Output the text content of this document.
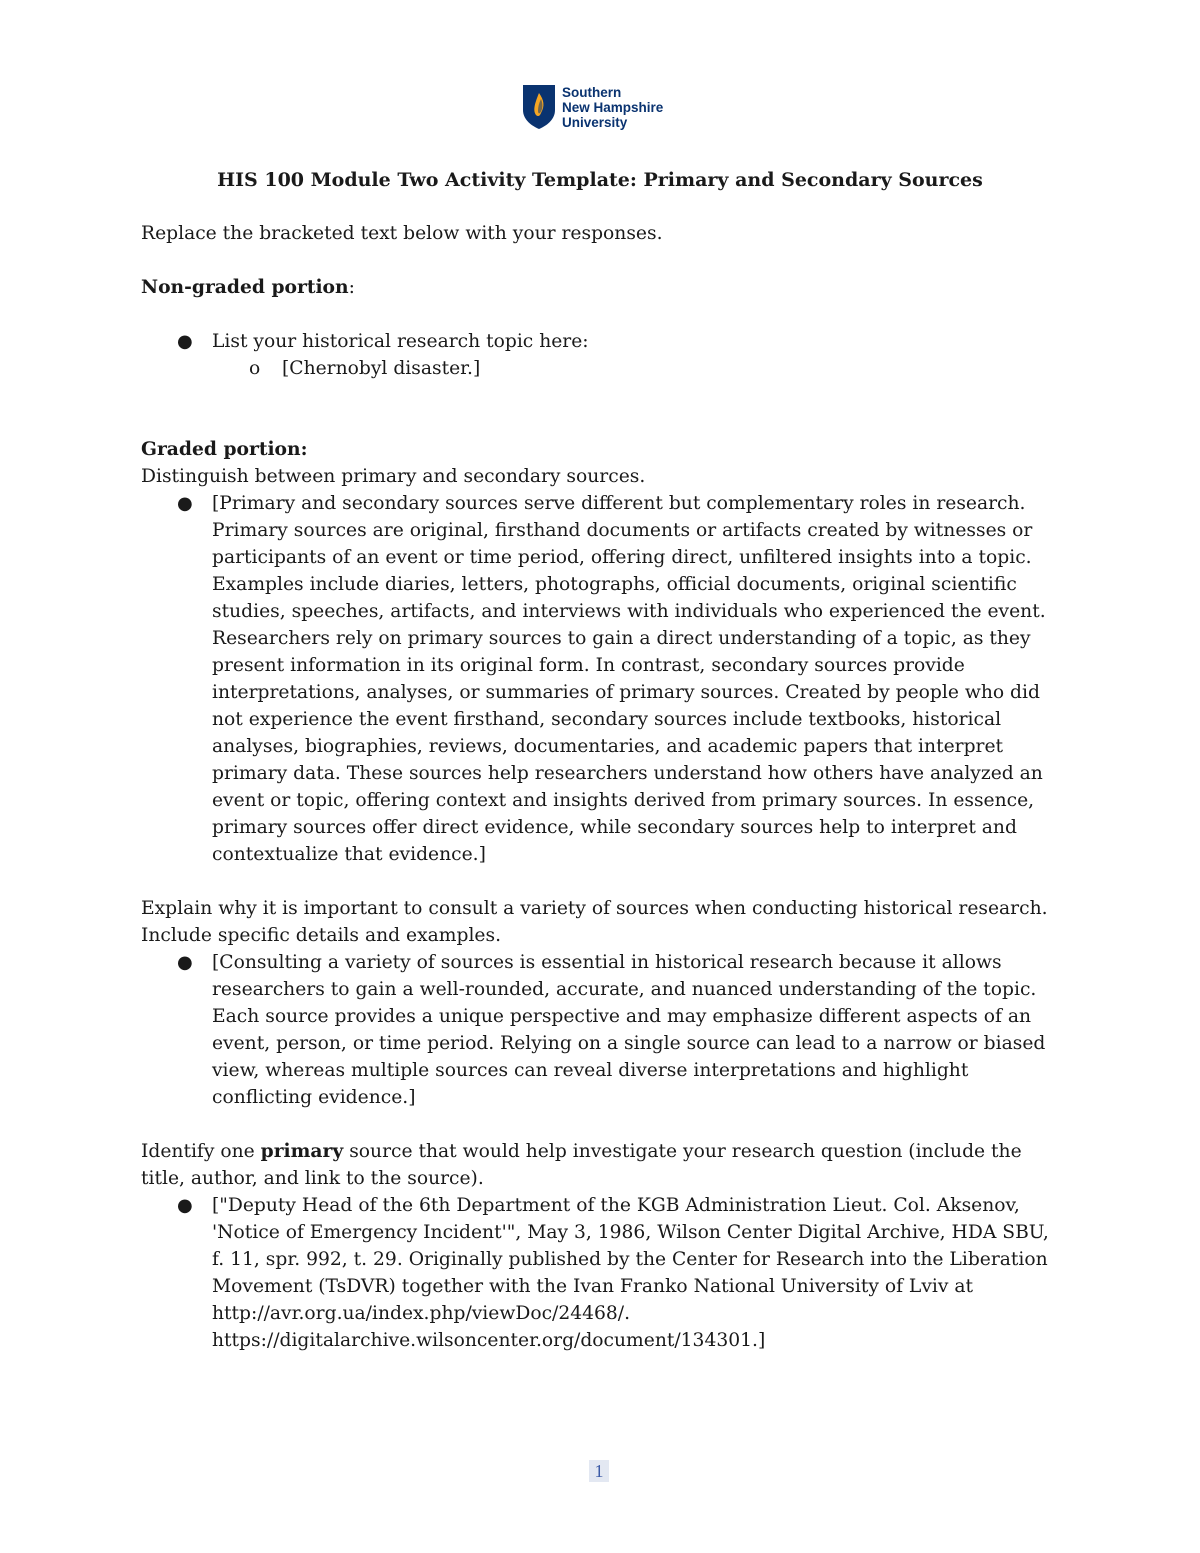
Southern
New Hampshire
University
HIS 100 Module Two Activity Template: Primary and Secondary Sources

Replace the bracketed text below with your responses.

Non-graded portion:

● List your historical research topic here:
o [Chernobyl disaster.]

Graded portion:

Distinguish between primary and secondary sources.

● [Primary and secondary sources serve different but complementary roles in research. Primary sources are original, firsthand documents or artifacts created by witnesses or participants of an event or time period, offering direct, unfiltered insights into a topic. Examples include diaries, letters, photographs, official documents, original scientific studies, speeches, artifacts, and interviews with individuals who experienced the event. Researchers rely on primary sources to gain a direct understanding of a topic, as they present information in its original form. In contrast, secondary sources provide interpretations, analyses, or summaries of primary sources. Created by people who did not experience the event firsthand, secondary sources include textbooks, historical analyses, biographies, reviews, documentaries, and academic papers that interpret primary data. These sources help researchers understand how others have analyzed an event or topic, offering context and insights derived from primary sources. In essence, primary sources offer direct evidence, while secondary sources help to interpret and contextualize that evidence.]

Explain why it is important to consult a variety of sources when conducting historical research. Include specific details and examples.

● [Consulting a variety of sources is essential in historical research because it allows researchers to gain a well-rounded, accurate, and nuanced understanding of the topic. Each source provides a unique perspective and may emphasize different aspects of an event, person, or time period. Relying on a single source can lead to a narrow or biased view, whereas multiple sources can reveal diverse interpretations and highlight conflicting evidence.]

Identify one primary source that would help investigate your research question (include the title, author, and link to the source).

● ["Deputy Head of the 6th Department of the KGB Administration Lieut. Col. Aksenov, 'Notice of Emergency Incident'", May 3, 1986, Wilson Center Digital Archive, HDA SBU, f. 11, spr. 992, t. 29. Originally published by the Center for Research into the Liberation Movement (TsDVR) together with the Ivan Franko National University of Lviv at http://avr.org.ua/index.php/viewDoc/24468/. https://digitalarchive.wilsoncenter.org/document/134301.]
1
